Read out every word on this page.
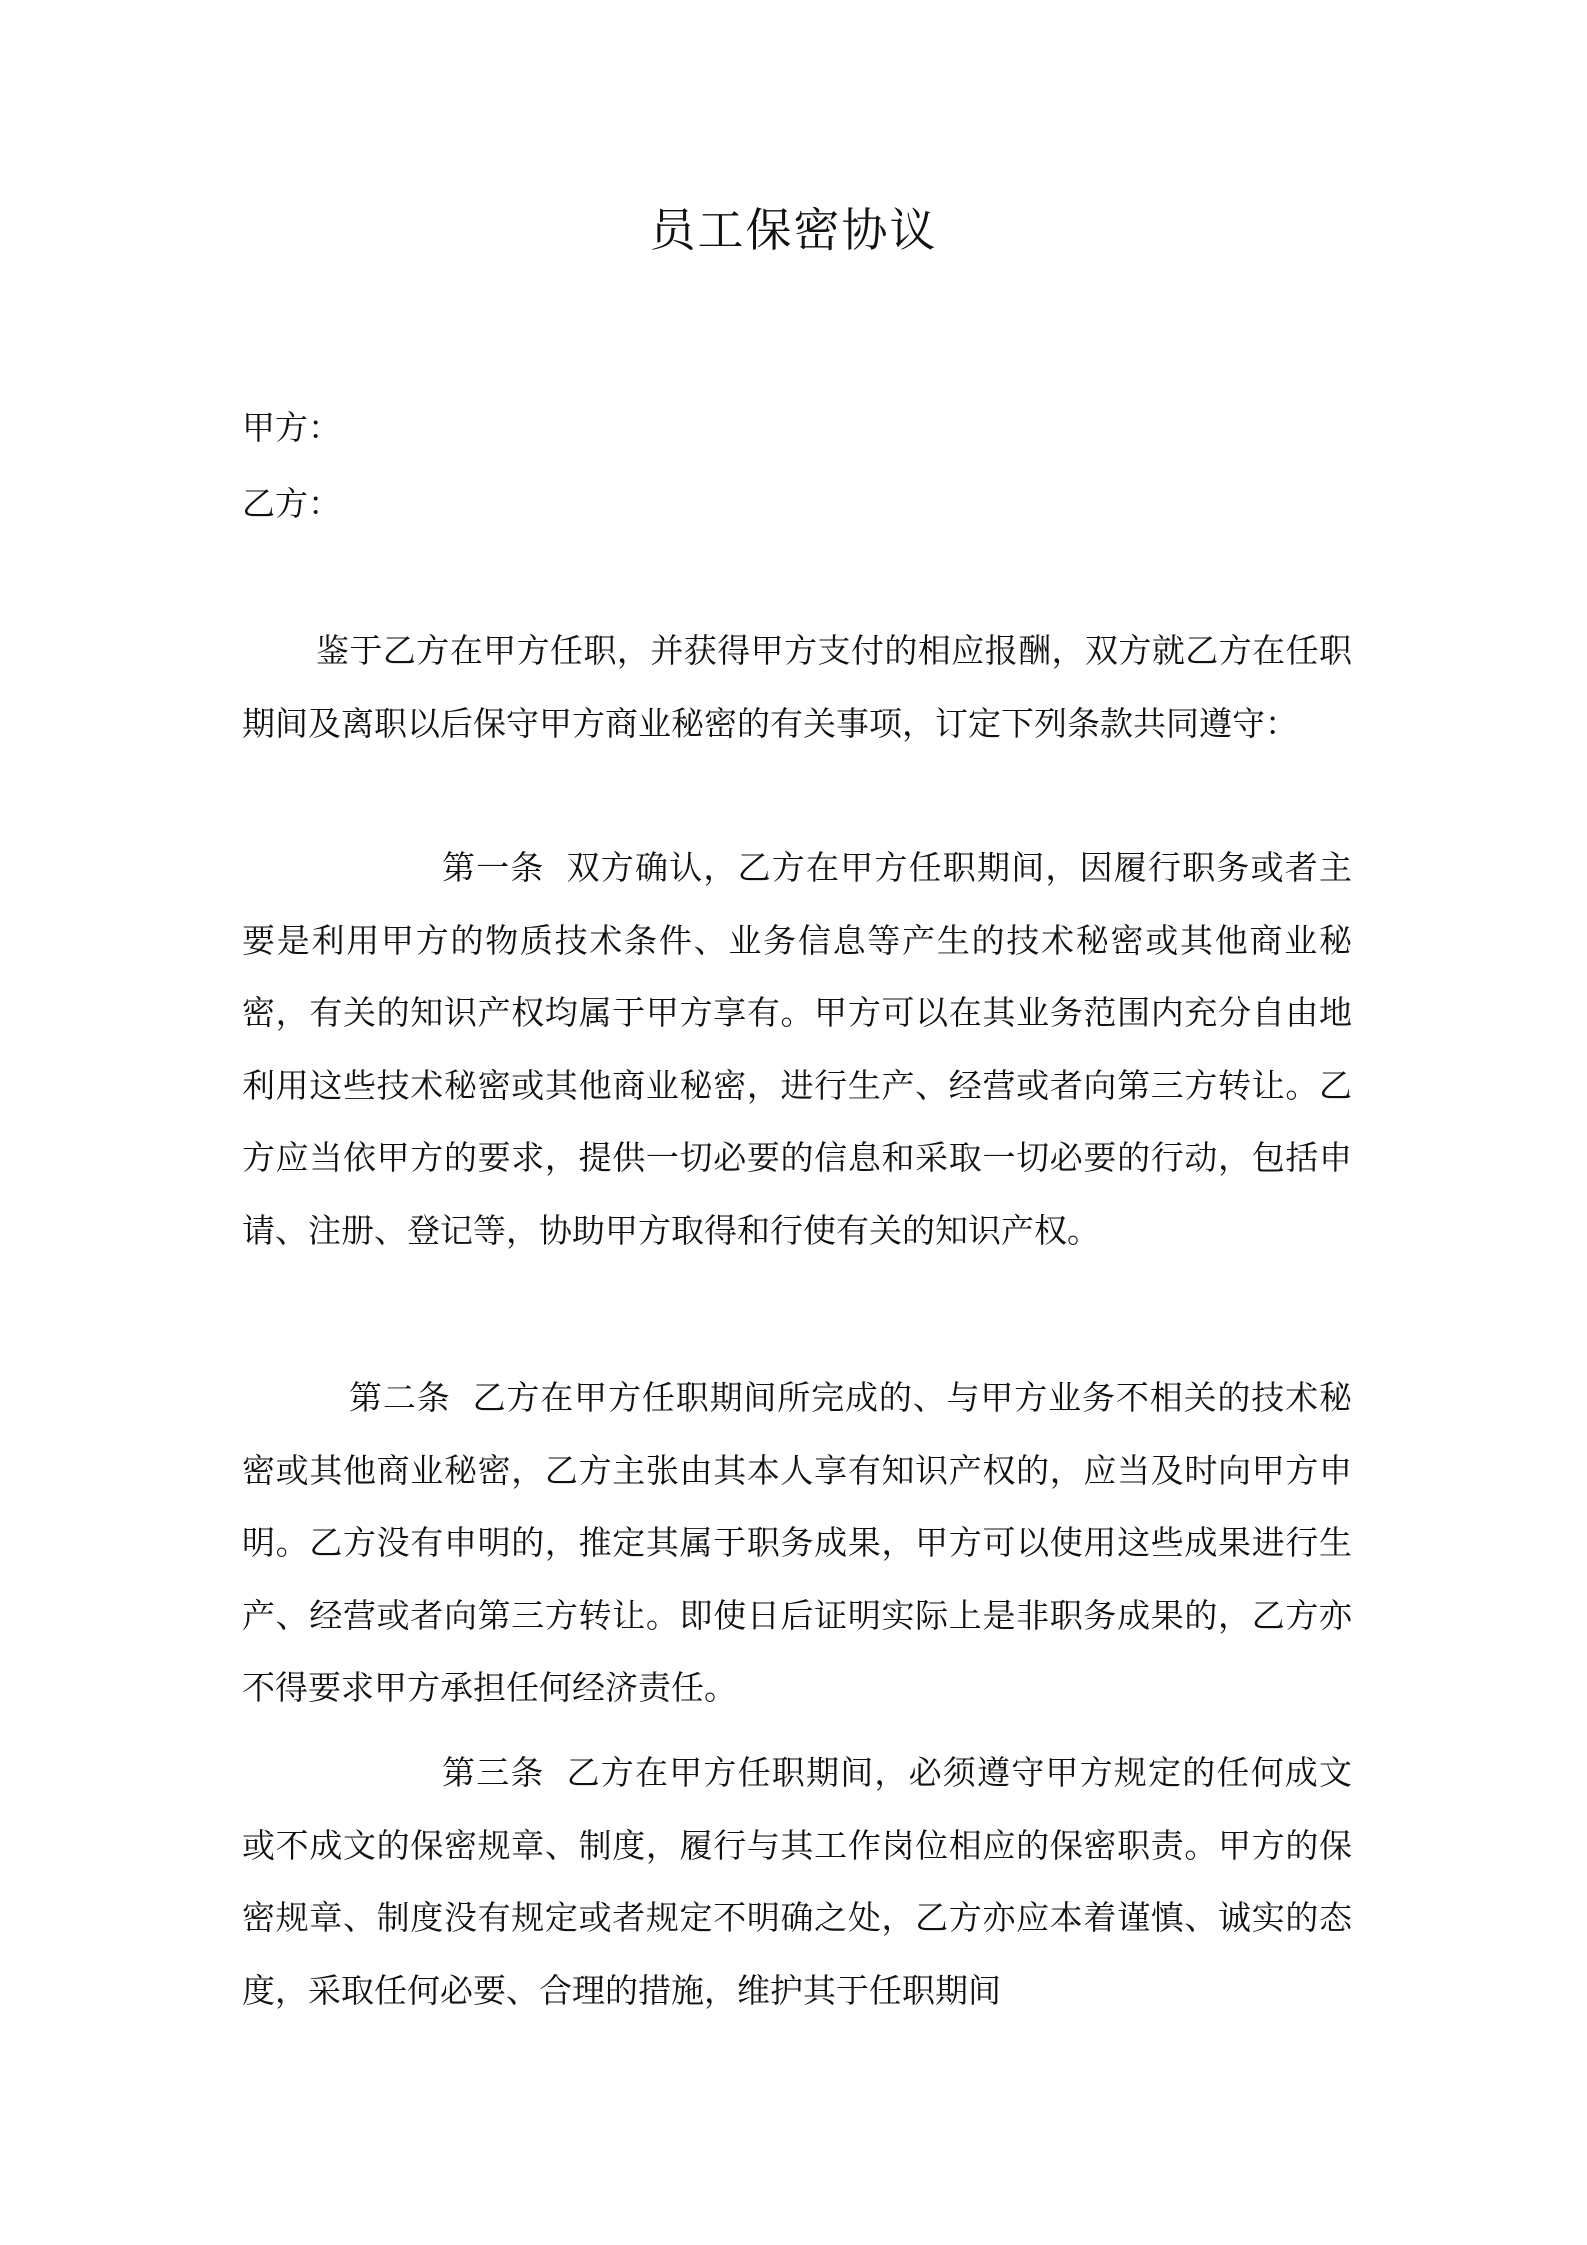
员工保密协议

甲方：

乙方：

鉴于乙方在甲方任职，并获得甲方支付的相应报酬，双方就乙方在任职期间及离职以后保守甲方商业秘密的有关事项，订定下列条款共同遵守：

第一条 双方确认，乙方在甲方任职期间，因履行职务或者主要是利用甲方的物质技术条件、业务信息等产生的技术秘密或其他商业秘密，有关的知识产权均属于甲方享有。甲方可以在其业务范围内充分自由地利用这些技术秘密或其他商业秘密，进行生产、经营或者向第三方转让。乙方应当依甲方的要求，提供一切必要的信息和采取一切必要的行动，包括申请、注册、登记等，协助甲方取得和行使有关的知识产权。

第二条 乙方在甲方任职期间所完成的、与甲方业务不相关的技术秘密或其他商业秘密，乙方主张由其本人享有知识产权的，应当及时向甲方申明。乙方没有申明的，推定其属于职务成果，甲方可以使用这些成果进行生产、经营或者向第三方转让。即使日后证明实际上是非职务成果的，乙方亦不得要求甲方承担任何经济责任。

第三条 乙方在甲方任职期间，必须遵守甲方规定的任何成文或不成文的保密规章、制度，履行与其工作岗位相应的保密职责。甲方的保密规章、制度没有规定或者规定不明确之处，乙方亦应本着谨慎、诚实的态度，采取任何必要、合理的措施，维护其于任职期间
